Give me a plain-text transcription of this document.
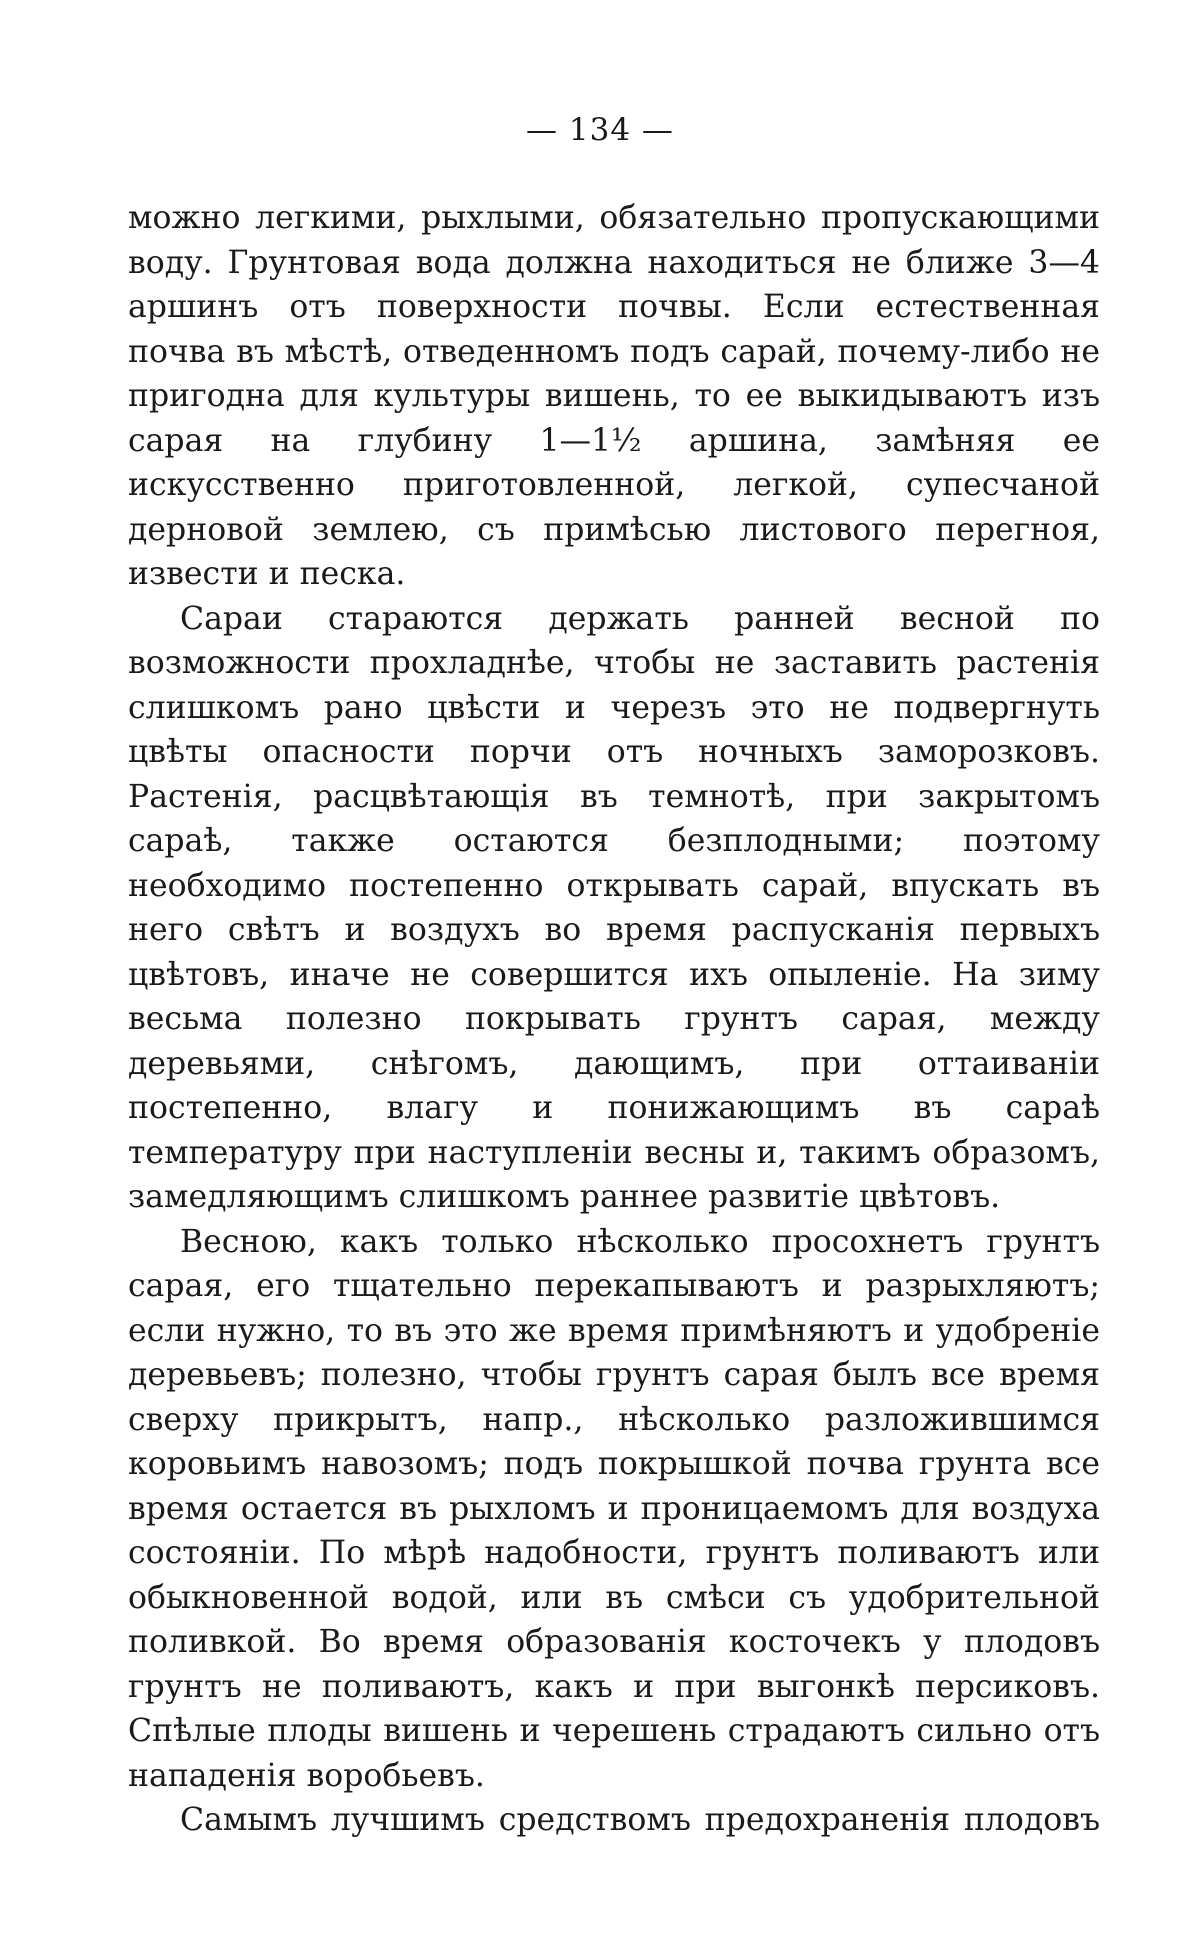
— 134 —

можно легкими, рыхлыми, обязательно пропускающими воду. Грунтовая вода должна находиться не ближе 3—4 аршинъ отъ поверхности почвы. Если естественная почва въ мѣстѣ, отведенномъ подъ сарай, почему-либо не пригодна для культуры вишень, то ее выкидываютъ изъ сарая на глубину 1—1½ аршина, замѣняя ее искусственно приготовленной, легкой, супесчаной дерновой землею, съ примѣсью листового перегноя, извести и песка.

Сараи стараются держать ранней весной по возможности прохладнѣе, чтобы не заставить растенія слишкомъ рано цвѣсти и черезъ это не подвергнуть цвѣты опасности порчи отъ ночныхъ заморозковъ. Растенія, расцвѣтающія въ темнотѣ, при закрытомъ сараѣ, также остаются безплодными; поэтому необходимо постепенно открывать сарай, впускать въ него свѣтъ и воздухъ во время распусканія первыхъ цвѣтовъ, иначе не совершится ихъ опыленіе. На зиму весьма полезно покрывать грунтъ сарая, между деревьями, снѣгомъ, дающимъ, при оттаиваніи постепенно, влагу и понижающимъ въ сараѣ температуру при наступленіи весны и, такимъ образомъ, замедляющимъ слишкомъ раннее развитіе цвѣтовъ.

Весною, какъ только нѣсколько просохнетъ грунтъ сарая, его тщательно перекапываютъ и разрыхляютъ; если нужно, то въ это же время примѣняютъ и удобреніе деревьевъ; полезно, чтобы грунтъ сарая былъ все время сверху прикрытъ, напр., нѣсколько разложившимся коровьимъ навозомъ; подъ покрышкой почва грунта все время остается въ рыхломъ и проницаемомъ для воздуха состояніи. По мѣрѣ надобности, грунтъ поливаютъ или обыкновенной водой, или въ смѣси съ удобрительной поливкой. Во время образованія косточекъ у плодовъ грунтъ не поливаютъ, какъ и при выгонкѣ персиковъ. Спѣлые плоды вишень и черешень страдаютъ сильно отъ нападенія воробьевъ.

Самымъ лучшимъ средствомъ предохраненія плодовъ
